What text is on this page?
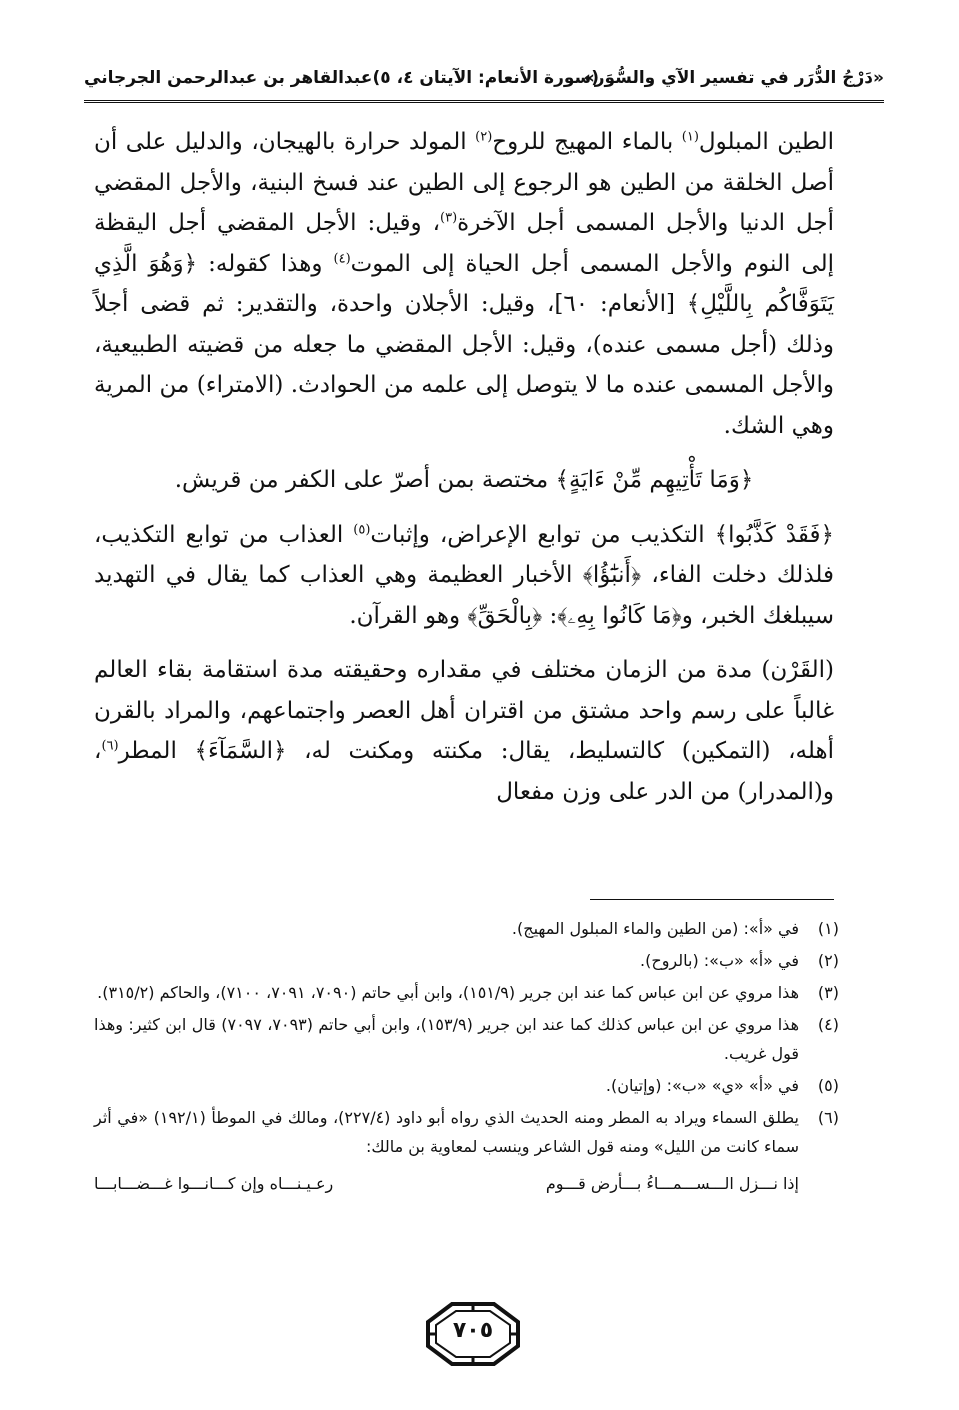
«دَرْجُ الدُّرَر في تفسير الآي والسُّوَر»
(سورة الأنعام: الآيتان ٤، ٥)
عبدالقاهر بن عبدالرحمن الجرجاني

الطين المبلول$^{(١)}$ بالماء المهيج للروح$^{(٢)}$ المولد حرارة بالهيجان، والدليل على أن أصل الخلقة من الطين هو الرجوع إلى الطين عند فسخ البنية، والأجل المقضي أجل الدنيا والأجل المسمى أجل الآخرة$^{(٣)}$، وقيل: الأجل المقضي أجل اليقظة إلى النوم والأجل المسمى أجل الحياة إلى الموت$^{(٤)}$ وهذا كقوله: ﴿وَهُوَ الَّذِي يَتَوَفَّاكُم بِاللَّيْلِ﴾ [الأنعام: ٦٠]، وقيل: الأجلان واحدة، والتقدير: ثم قضى أجلاً وذلك (أجل مسمى عنده)، وقيل: الأجل المقضي ما جعله من قضيته الطبيعية، والأجل المسمى عنده ما لا يتوصل إلى علمه من الحوادث. (الامتراء) من المرية وهي الشك.

﴿وَمَا تَأْتِيهِم مِّنْ ءَايَةٍ﴾ مختصة بمن أصرّ على الكفر من قريش.

﴿فَقَدْ كَذَّبُوا﴾ التكذيب من توابع الإعراض، وإثبات$^{(٥)}$ العذاب من توابع التكذيب، فلذلك دخلت الفاء، ﴿أَنبَٰٓؤُا﴾ الأخبار العظيمة وهي العذاب كما يقال في التهديد سيبلغك الخبر، و﴿مَا كَانُوا بِهِۦ﴾: ﴿بِالْحَقِّ﴾ وهو القرآن.

(القَرْن) مدة من الزمان مختلف في مقداره وحقيقته مدة استقامة بقاء العالم غالباً على رسم واحد مشتق من اقتران أهل العصر واجتماعهم، والمراد بالقرن أهله، (التمكين) كالتسليط، يقال: مكنته ومكنت له، ﴿السَّمَآءَ﴾ المطر$^{(٦)}$، و(المدرار) من الدر على وزن مفعال

(١)
في «أ»: (من الطين والماء المبلول المهيج).
(٢)
في «أ» «ب»: (بالروح).
(٣)
هذا مروي عن ابن عباس كما عند ابن جرير (١٥١/٩)، وابن أبي حاتم (٧٠٩٠، ٧٠٩١، ٧١٠٠)، والحاكم (٣١٥/٢).
(٤)
هذا مروي عن ابن عباس كذلك كما عند ابن جرير (١٥٣/٩)، وابن أبي حاتم (٧٠٩٣، ٧٠٩٧) قال ابن كثير: وهذا قول غريب.
(٥)
في «أ» «ي» «ب»: (وإتيان).
(٦)
يطلق السماء ويراد به المطر ومنه الحديث الذي رواه أبو داود (٢٢٧/٤)، ومالك في الموطأ (١٩٢/١) «في أثر سماء كانت من الليل» ومنه قول الشاعر وينسب لمعاوية بن مالك:
إذا نـــزل الـــســـمـــاءُ بـــأرض قـــوم
رعـيـنـــاه وإن كـــانـــوا غـــضـــابـــا
٧٠٥
